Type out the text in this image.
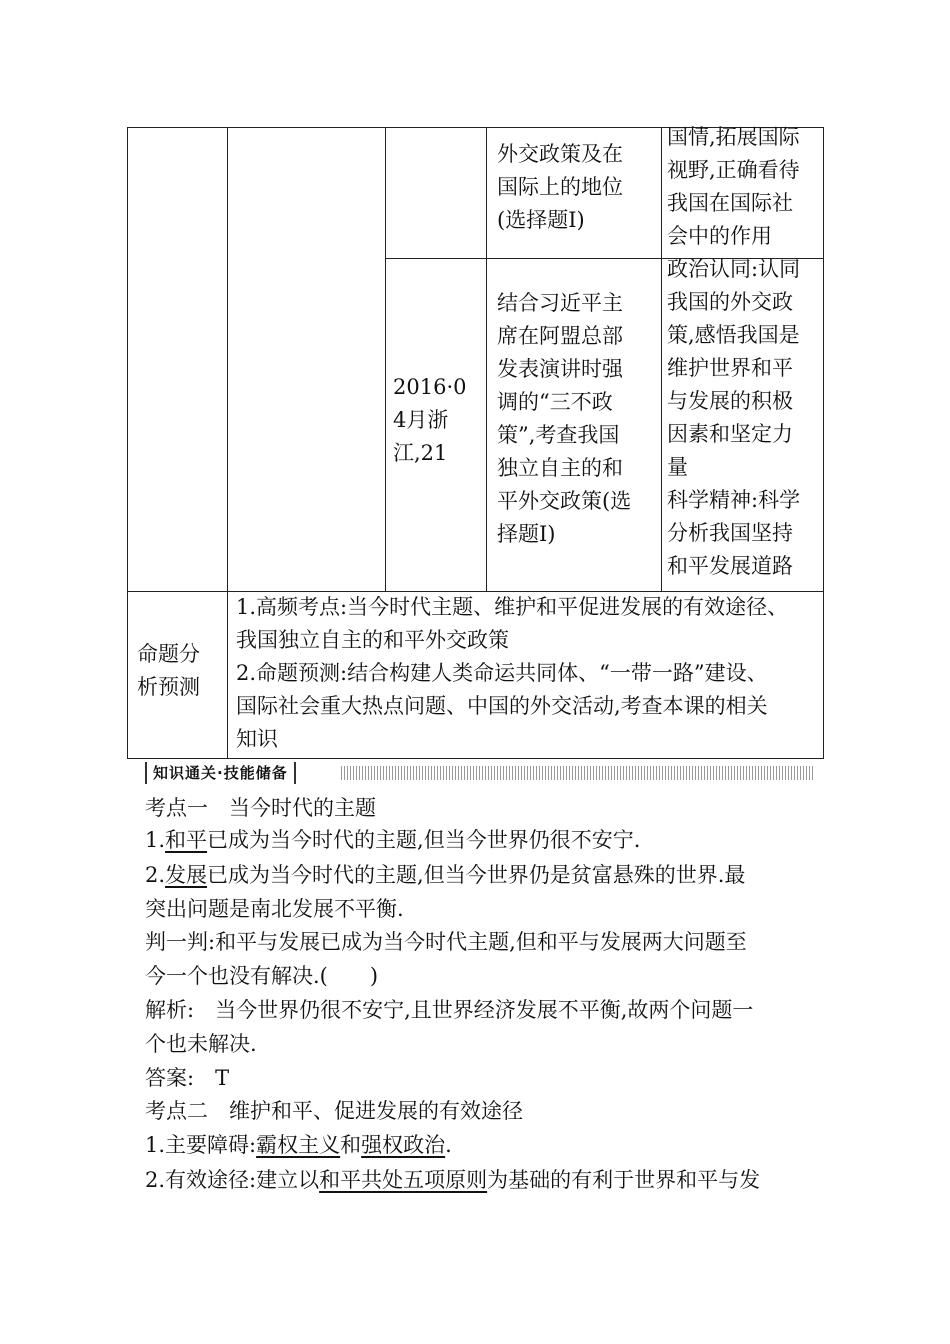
外交政策及在
国际上的地位
(选择题Ⅰ)
国情,拓展国际
视野,正确看待
我国在国际社
会中的作用
2016·0
4月浙
江,21
结合习近平主
席在阿盟总部
发表演讲时强
调的“三不政
策”,考查我国
独立自主的和
平外交政策(选
择题Ⅰ)
政治认同:认同
我国的外交政
策,感悟我国是
维护世界和平
与发展的积极
因素和坚定力
量
科学精神:科学
分析我国坚持
和平发展道路
命题分
析预测
1.高频考点:当今时代主题、维护和平促进发展的有效途径、
我国独立自主的和平外交政策
2.命题预测:结合构建人类命运共同体、“一带一路”建设、
国际社会重大热点问题、中国的外交活动,考查本课的相关
知识
知识通关·技能储备
考点一　当今时代的主题
1.和平已成为当今时代的主题,但当今世界仍很不安宁.
2.发展已成为当今时代的主题,但当今世界仍是贫富悬殊的世界.最
突出问题是南北发展不平衡.
判一判:和平与发展已成为当今时代主题,但和平与发展两大问题至
今一个也没有解决.(　　)
解析:　当今世界仍很不安宁,且世界经济发展不平衡,故两个问题一
个也未解决.
答案:　T
考点二　维护和平、促进发展的有效途径
1.主要障碍:霸权主义和强权政治.
2.有效途径:建立以和平共处五项原则为基础的有利于世界和平与发
